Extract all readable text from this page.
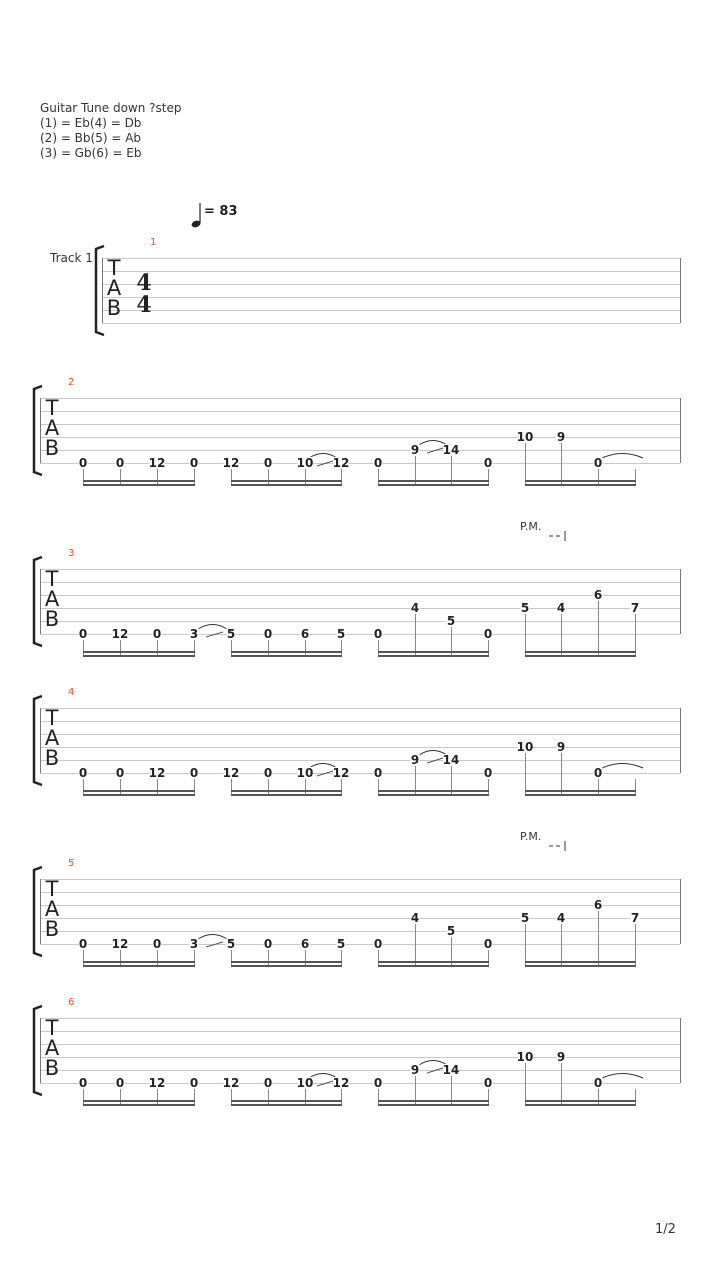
Guitar Tune down ?step
(1) = Eb(4) = Db
(2) = Bb(5) = Ab
(3) = Gb(6) = Eb
= 83
Track 1 T
A
B
4
4
1
T
A
B
2
0 0 12 0 12 0 10 12 0
9 14
0
10 9
0
T
A
B
3
P.M.
0 12 0 3 5 0 6 5 0
4
5
0
5 4
6
7
T
A
B
4
0 0 12 0 12 0 10 12 0
9 14
0
10 9
0
T
A
B
5
P.M.
0 12 0 3 5 0 6 5 0
4
5
0
5 4
6
7
T
A
B
6
0 0 12 0 12 0 10 12 0
9 14
0
10 9
0
1/2
